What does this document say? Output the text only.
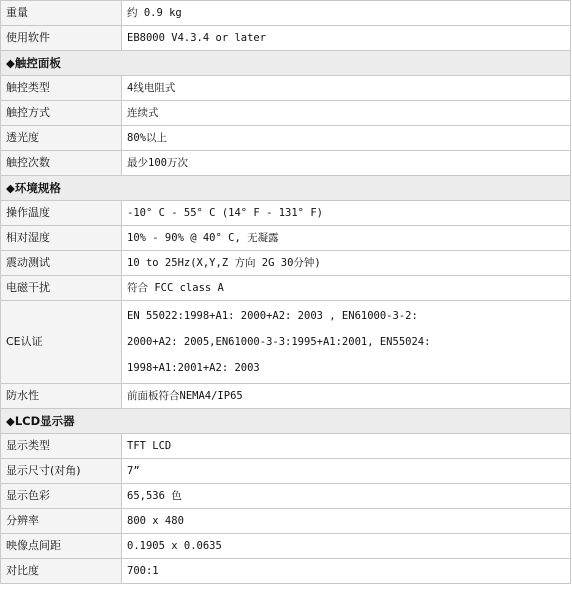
重量	约 0.9 kg
使用软件	EB8000 V4.3.4 or later
◆触控面板	
触控类型	4线电阻式
触控方式	连续式
透光度	80%以上
触控次数	最少100万次
◆环境规格	
操作温度	-10° C - 55° C (14° F - 131° F)
相对湿度	10% - 90% @ 40° C, 无凝露
震动测试	10 to 25Hz(X,Y,Z 方向 2G 30分钟)
电磁干扰	符合 FCC class A
CE认证	EN 55022:1998+A1: 2000+A2: 2003 , EN61000-3-2:
2000+A2: 2005,EN61000-3-3:1995+A1:2001, EN55024:
1998+A1:2001+A2: 2003

防水性	前面板符合NEMA4/IP65
◆LCD显示器	
显示类型	TFT LCD
显示尺寸(对角)	7”
显示色彩	65,536 色
分辨率	800 x 480
映像点间距	0.1905 x 0.0635
对比度	700:1
